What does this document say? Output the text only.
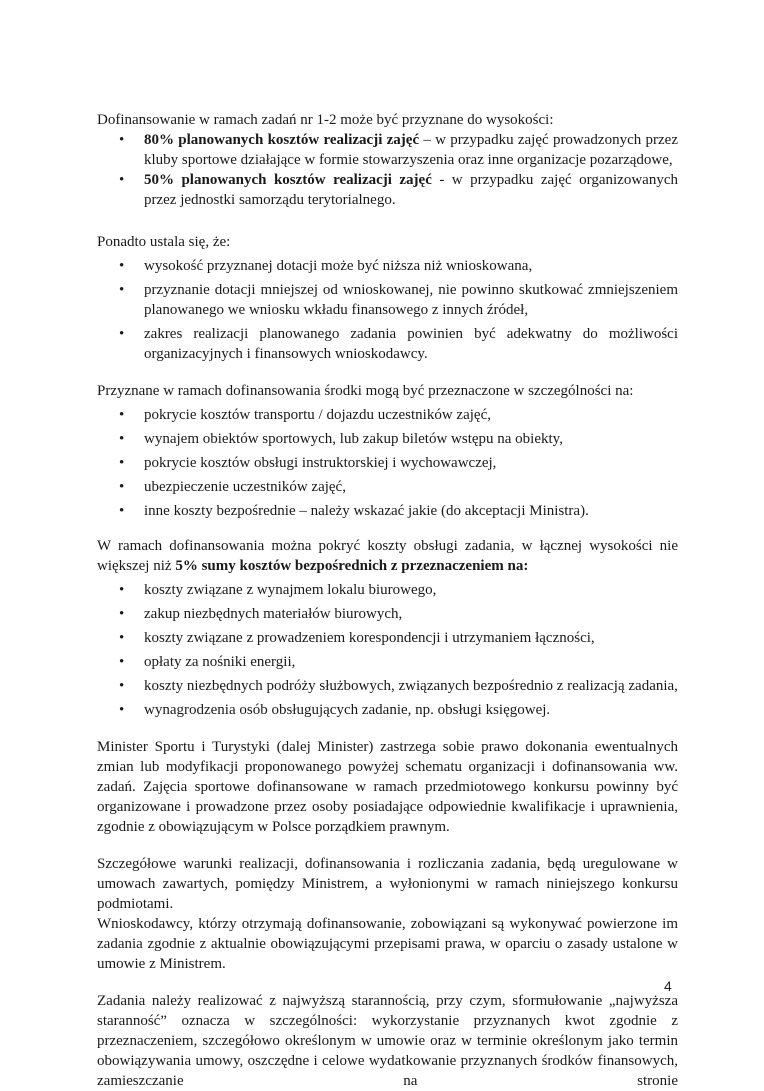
Dofinansowanie w ramach zadań nr 1-2 może być przyznane do wysokości:

• 80% planowanych kosztów realizacji zajęć – w przypadku zajęć prowadzonych przez kluby sportowe działające w formie stowarzyszenia oraz inne organizacje pozarządowe,
• 50% planowanych kosztów realizacji zajęć - w przypadku zajęć organizowanych przez jednostki samorządu terytorialnego.

Ponadto ustala się, że:

• wysokość przyznanej dotacji może być niższa niż wnioskowana,
• przyznanie dotacji mniejszej od wnioskowanej, nie powinno skutkować zmniejszeniem planowanego we wniosku wkładu finansowego z innych źródeł,
• zakres realizacji planowanego zadania powinien być adekwatny do możliwości organizacyjnych i finansowych wnioskodawcy.

Przyznane w ramach dofinansowania środki mogą być przeznaczone w szczególności na:

• pokrycie kosztów transportu / dojazdu uczestników zajęć,
• wynajem obiektów sportowych, lub zakup biletów wstępu na obiekty,
• pokrycie kosztów obsługi instruktorskiej i wychowawczej,
• ubezpieczenie uczestników zajęć,
• inne koszty bezpośrednie – należy wskazać jakie (do akceptacji Ministra).

W ramach dofinansowania można pokryć koszty obsługi zadania, w łącznej wysokości nie większej niż 5% sumy kosztów bezpośrednich z przeznaczeniem na:

• koszty związane z wynajmem lokalu biurowego,
• zakup niezbędnych materiałów biurowych,
• koszty związane z prowadzeniem korespondencji i utrzymaniem łączności,
• opłaty za nośniki energii,
• koszty niezbędnych podróży służbowych, związanych bezpośrednio z realizacją zadania,
• wynagrodzenia osób obsługujących zadanie, np. obsługi księgowej.

Minister Sportu i Turystyki (dalej Minister) zastrzega sobie prawo dokonania ewentualnych zmian lub modyfikacji proponowanego powyżej schematu organizacji i dofinansowania ww. zadań. Zajęcia sportowe dofinansowane w ramach przedmiotowego konkursu powinny być organizowane i prowadzone przez osoby posiadające odpowiednie kwalifikacje i uprawnienia, zgodnie z obowiązującym w Polsce porządkiem prawnym.

Szczegółowe warunki realizacji, dofinansowania i rozliczania zadania, będą uregulowane w umowach zawartych, pomiędzy Ministrem, a wyłonionymi w ramach niniejszego konkursu podmiotami.

Wnioskodawcy, którzy otrzymają dofinansowanie, zobowiązani są wykonywać powierzone im zadania zgodnie z aktualnie obowiązującymi przepisami prawa, w oparciu o zasady ustalone w umowie z Ministrem.

Zadania należy realizować z najwyższą starannością, przy czym, sformułowanie „najwyższa staranność” oznacza w szczególności: wykorzystanie przyznanych kwot zgodnie z przeznaczeniem, szczegółowo określonym w umowie oraz w terminie określonym jako termin obowiązywania umowy, oszczędne i celowe wydatkowanie przyznanych środków finansowych, zamieszczanie na stronie

4
